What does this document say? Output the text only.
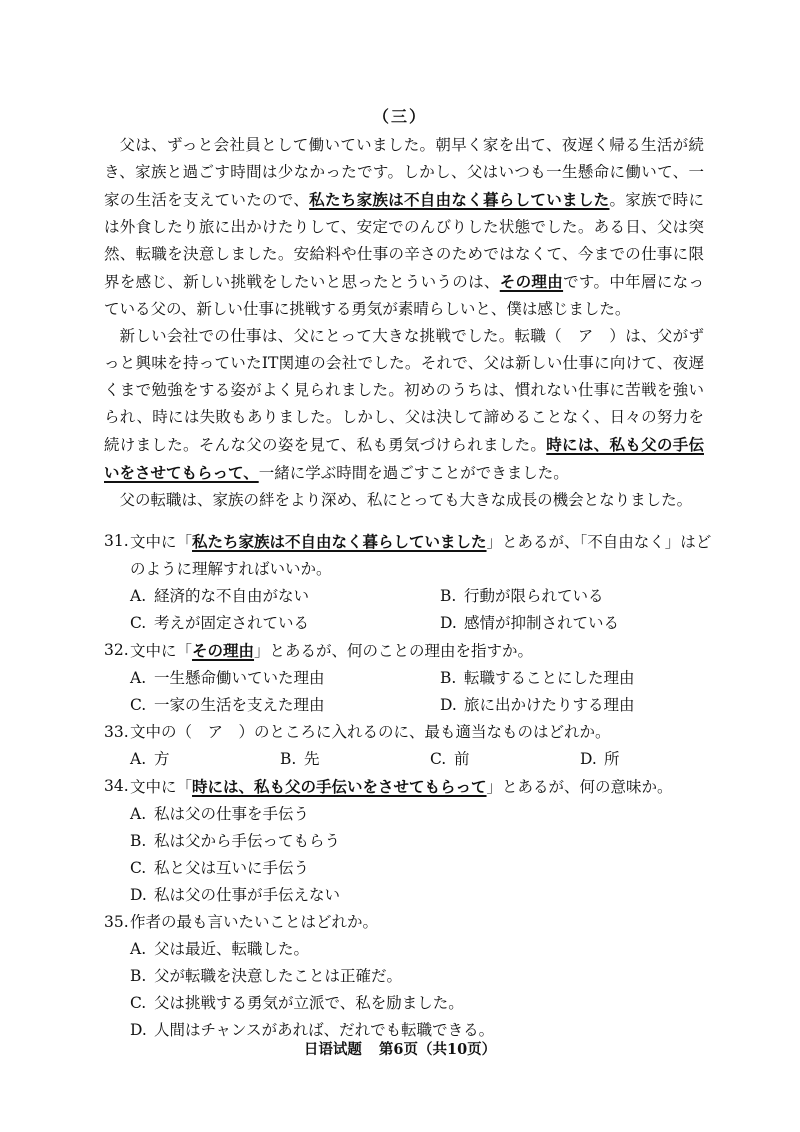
（三）

父は、ずっと会社員として働いていました。朝早く家を出て、夜遅く帰る生活が続き、家族と過ごす時間は少なかったです。しかし、父はいつも一生懸命に働いて、一家の生活を支えていたので、私たち家族は不自由なく暮らしていました。家族で時には外食したり旅に出かけたりして、安定でのんびりした状態でした。ある日、父は突然、転職を決意しました。安給料や仕事の辛さのためではなくて、今までの仕事に限界を感じ、新しい挑戦をしたいと思ったとういうのは、その理由です。中年層になっている父の、新しい仕事に挑戦する勇気が素晴らしいと、僕は感じました。

新しい会社での仕事は、父にとって大きな挑戦でした。転職（　ア　）は、父がずっと興味を持っていたIT関連の会社でした。それで、父は新しい仕事に向けて、夜遅くまで勉強をする姿がよく見られました。初めのうちは、慣れない仕事に苦戦を強いられ、時には失敗もありました。しかし、父は決して諦めることなく、日々の努力を続けました。そんな父の姿を見て、私も勇気づけられました。時には、私も父の手伝いをさせてもらって、一緒に学ぶ時間を過ごすことができました。

父の転職は、家族の絆をより深め、私にとっても大きな成長の機会となりました。

31. 文中に「私たち家族は不自由なく暮らしていました」とあるが、「不自由なく」はど
のように理解すればいいか。
A. 経済的な不自由がない	B. 行動が限られている
C. 考えが固定されている	D. 感情が抑制されている
32. 文中に「その理由」とあるが、何のことの理由を指すか。
A. 一生懸命働いていた理由	B. 転職することにした理由
C. 一家の生活を支えた理由	D. 旅に出かけたりする理由
33. 文中の（　ア　）のところに入れるのに、最も適当なものはどれか。
A. 方	B. 先	C. 前	D. 所
34. 文中に「時には、私も父の手伝いをさせてもらって」とあるが、何の意味か。
A. 私は父の仕事を手伝う
B. 私は父から手伝ってもらう
C. 私と父は互いに手伝う
D. 私は父の仕事が手伝えない
35. 作者の最も言いたいことはどれか。
A. 父は最近、転職した。
B. 父が転職を決意したことは正確だ。
C. 父は挑戦する勇気が立派で、私を励ました。
D. 人間はチャンスがあれば、だれでも転職できる。
日语试题 第6页（共10页）
